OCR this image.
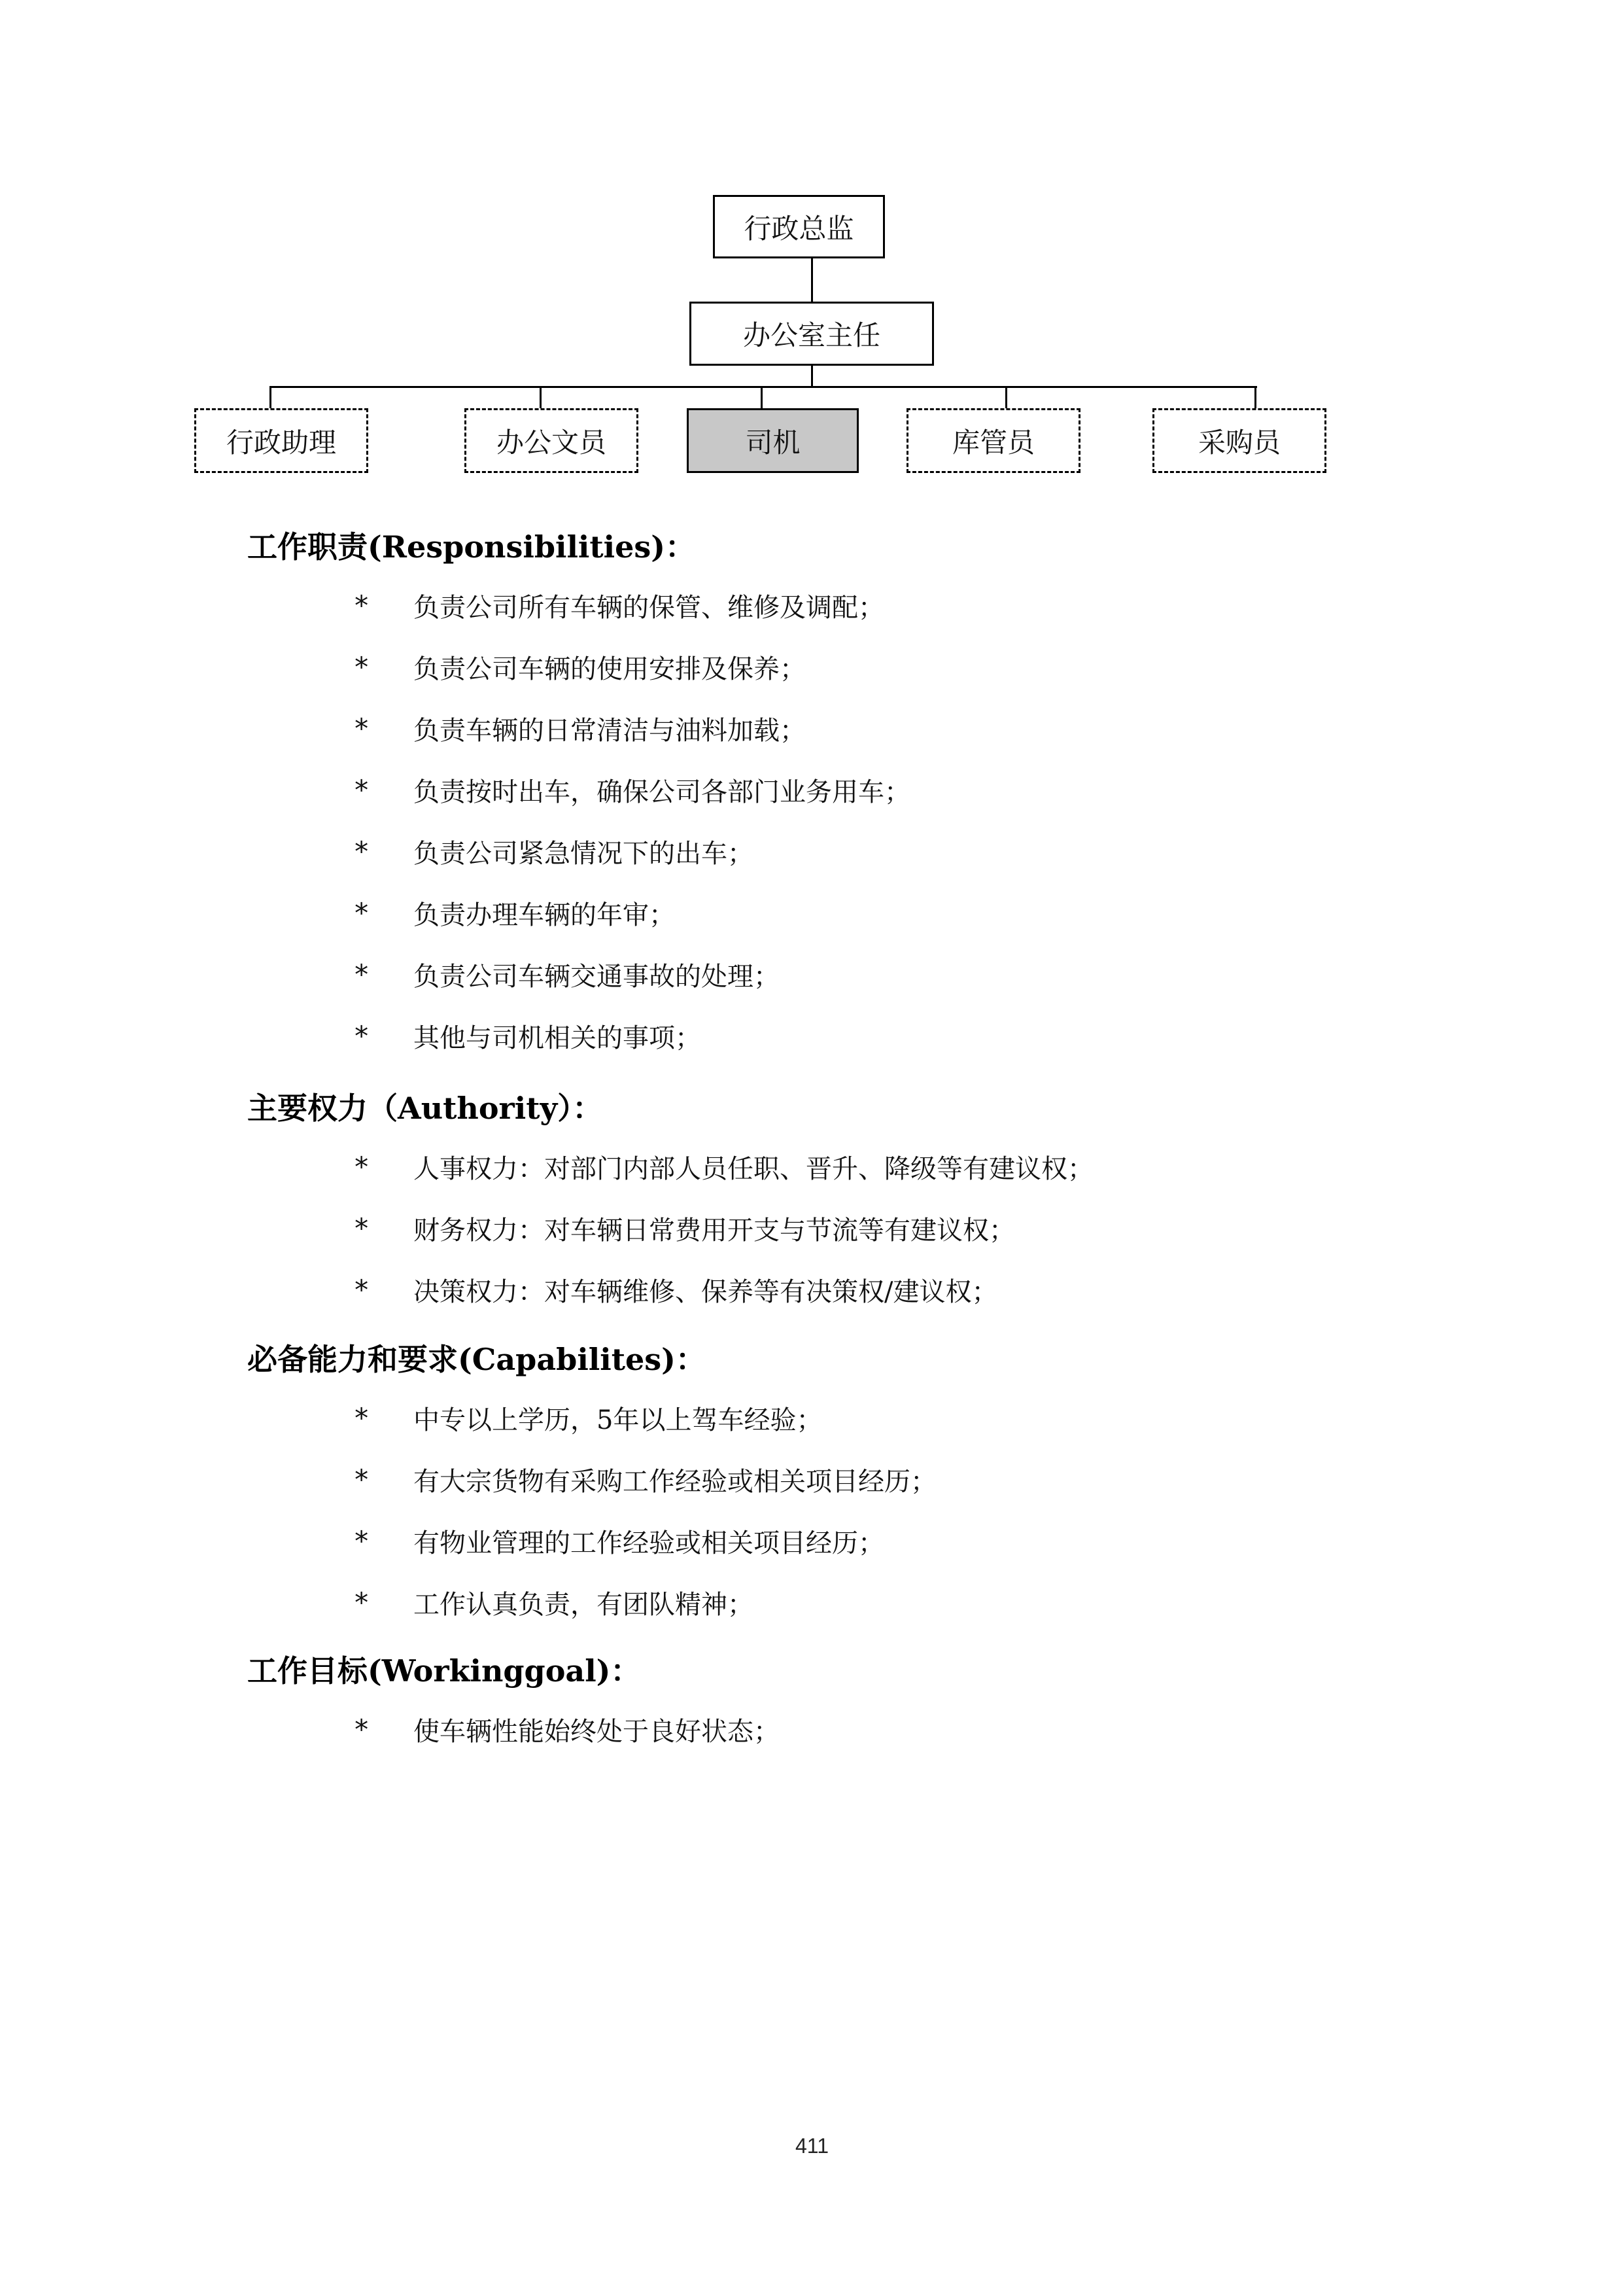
行政总监
办公室主任
行政助理	办公文员	司机	库管员	采购员
工作职责(Responsibilities)：
*	负责公司所有车辆的保管、维修及调配；
*	负责公司车辆的使用安排及保养；
*	负责车辆的日常清洁与油料加载；
*	负责按时出车，确保公司各部门业务用车；
*	负责公司紧急情况下的出车；
*	负责办理车辆的年审；
*	负责公司车辆交通事故的处理；
*	其他与司机相关的事项；
主要权力（Authority）：
*	人事权力：对部门内部人员任职、晋升、降级等有建议权；
*	财务权力：对车辆日常费用开支与节流等有建议权；
*	决策权力：对车辆维修、保养等有决策权/建议权；
必备能力和要求(Capabilites)：
*	中专以上学历，5年以上驾车经验；
*	有大宗货物有采购工作经验或相关项目经历；
*	有物业管理的工作经验或相关项目经历；
*	工作认真负责，有团队精神；
工作目标(Workinggoal)：
*	使车辆性能始终处于良好状态；
411
